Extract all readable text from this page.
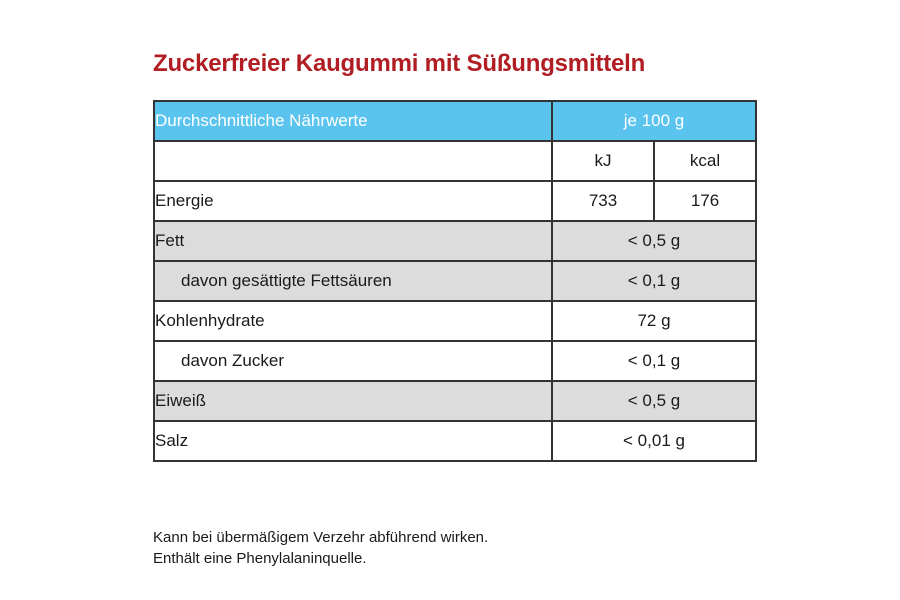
Zuckerfreier Kaugummi mit Süßungsmitteln
Durchschnittliche Nährwerte	je 100 g	
	kJ	kcal
Energie	733	176
Fett	< 0,5 g	
davon gesättigte Fettsäuren	< 0,1 g	
Kohlenhydrate	72 g	
davon Zucker	< 0,1 g	
Eiweiß	< 0,5 g	
Salz	< 0,01 g	
Kann bei übermäßigem Verzehr abführend wirken.
Enthält eine Phenylalaninquelle.
